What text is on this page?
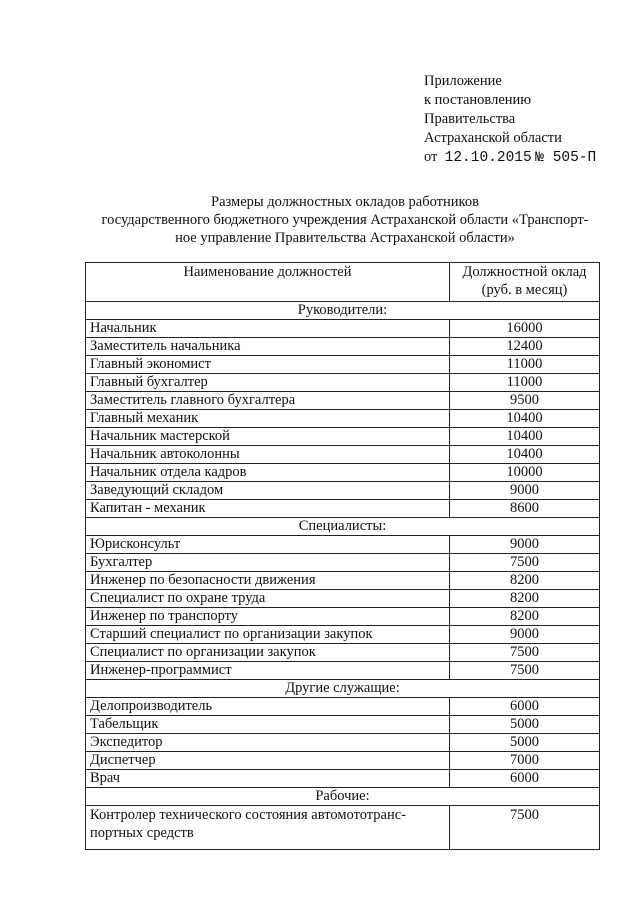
Приложение
к постановлению
Правительства
Астраханской области
от 12.10.2015 № 505-П
Размеры должностных окладов работников
государственного бюджетного учреждения Астраханской области «Транспорт-
ное управление Правительства Астраханской области»
Наименование должностей	Должностной оклад (руб. в месяц)
Руководители:	
Начальник	16000
Заместитель начальника	12400
Главный экономист	11000
Главный бухгалтер	11000
Заместитель главного бухгалтера	9500
Главный механик	10400
Начальник мастерской	10400
Начальник автоколонны	10400
Начальник отдела кадров	10000
Заведующий складом	9000
Капитан - механик	8600
Специалисты:	
Юрисконсульт	9000
Бухгалтер	7500
Инженер по безопасности движения	8200
Специалист по охране труда	8200
Инженер по транспорту	8200
Старший специалист по организации закупок	9000
Специалист по организации закупок	7500
Инженер-программист	7500
Другие служащие:	
Делопроизводитель	6000
Табельщик	5000
Экспедитор	5000
Диспетчер	7000
Врач	6000
Рабочие:	
Контролер технического состояния автомототранс-портных средств	7500
